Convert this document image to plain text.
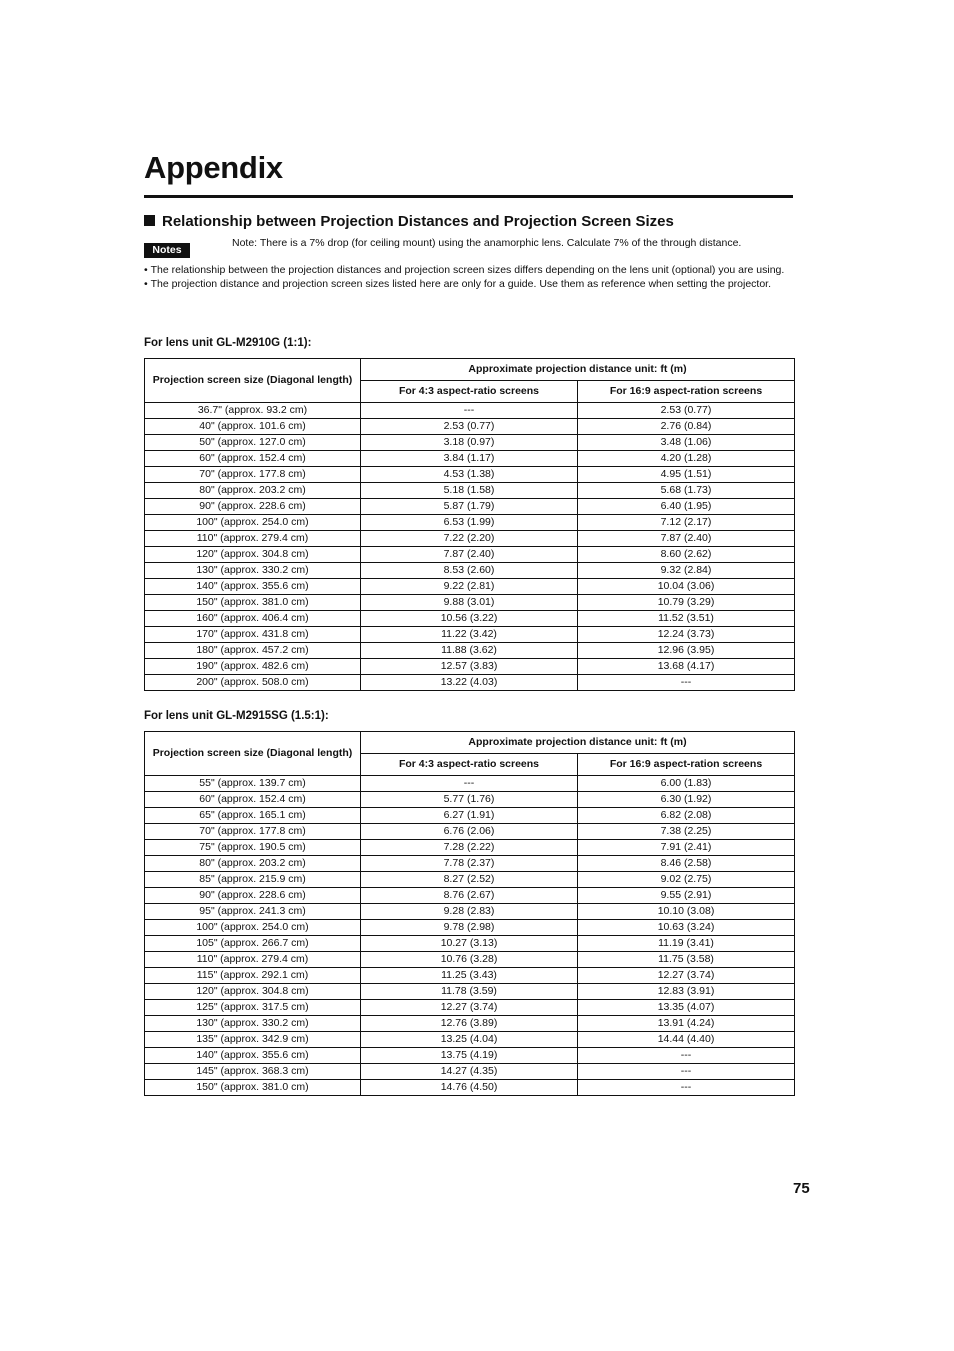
Appendix
Relationship between Projection Distances and Projection Screen Sizes
Notes
Note: There is a 7% drop (for ceiling mount) using the anamorphic lens. Calculate 7% of the through distance.
• The relationship between the projection distances and projection screen sizes differs depending on the lens unit (optional) you are using.
• The projection distance and projection screen sizes listed here are only for a guide. Use them as reference when setting the projector.
For lens unit GL-M2910G (1:1):
Projection screen size (Diagonal length)	Approximate projection distance unit: ft (m)	
	For 4:3 aspect-ratio screens	For 16:9 aspect-ration screens
36.7" (approx. 93.2 cm)	---	2.53 (0.77)
40" (approx. 101.6 cm)	2.53 (0.77)	2.76 (0.84)
50" (approx. 127.0 cm)	3.18 (0.97)	3.48 (1.06)
60" (approx. 152.4 cm)	3.84 (1.17)	4.20 (1.28)
70" (approx. 177.8 cm)	4.53 (1.38)	4.95 (1.51)
80" (approx. 203.2 cm)	5.18 (1.58)	5.68 (1.73)
90" (approx. 228.6 cm)	5.87 (1.79)	6.40 (1.95)
100" (approx. 254.0 cm)	6.53 (1.99)	7.12 (2.17)
110" (approx. 279.4 cm)	7.22 (2.20)	7.87 (2.40)
120" (approx. 304.8 cm)	7.87 (2.40)	8.60 (2.62)
130" (approx. 330.2 cm)	8.53 (2.60)	9.32 (2.84)
140" (approx. 355.6 cm)	9.22 (2.81)	10.04 (3.06)
150" (approx. 381.0 cm)	9.88 (3.01)	10.79 (3.29)
160" (approx. 406.4 cm)	10.56 (3.22)	11.52 (3.51)
170" (approx. 431.8 cm)	11.22 (3.42)	12.24 (3.73)
180" (approx. 457.2 cm)	11.88 (3.62)	12.96 (3.95)
190" (approx. 482.6 cm)	12.57 (3.83)	13.68 (4.17)
200" (approx. 508.0 cm)	13.22 (4.03)	---
For lens unit GL-M2915SG (1.5:1):
Projection screen size (Diagonal length)	Approximate projection distance unit: ft (m)	
	For 4:3 aspect-ratio screens	For 16:9 aspect-ration screens
55" (approx. 139.7 cm)	---	6.00 (1.83)
60" (approx. 152.4 cm)	5.77 (1.76)	6.30 (1.92)
65" (approx. 165.1 cm)	6.27 (1.91)	6.82 (2.08)
70" (approx. 177.8 cm)	6.76 (2.06)	7.38 (2.25)
75" (approx. 190.5 cm)	7.28 (2.22)	7.91 (2.41)
80" (approx. 203.2 cm)	7.78 (2.37)	8.46 (2.58)
85" (approx. 215.9 cm)	8.27 (2.52)	9.02 (2.75)
90" (approx. 228.6 cm)	8.76 (2.67)	9.55 (2.91)
95" (approx. 241.3 cm)	9.28 (2.83)	10.10 (3.08)
100" (approx. 254.0 cm)	9.78 (2.98)	10.63 (3.24)
105" (approx. 266.7 cm)	10.27 (3.13)	11.19 (3.41)
110" (approx. 279.4 cm)	10.76 (3.28)	11.75 (3.58)
115" (approx. 292.1 cm)	11.25 (3.43)	12.27 (3.74)
120" (approx. 304.8 cm)	11.78 (3.59)	12.83 (3.91)
125" (approx. 317.5 cm)	12.27 (3.74)	13.35 (4.07)
130" (approx. 330.2 cm)	12.76 (3.89)	13.91 (4.24)
135" (approx. 342.9 cm)	13.25 (4.04)	14.44 (4.40)
140" (approx. 355.6 cm)	13.75 (4.19)	---
145" (approx. 368.3 cm)	14.27 (4.35)	---
150" (approx. 381.0 cm)	14.76 (4.50)	---
75
